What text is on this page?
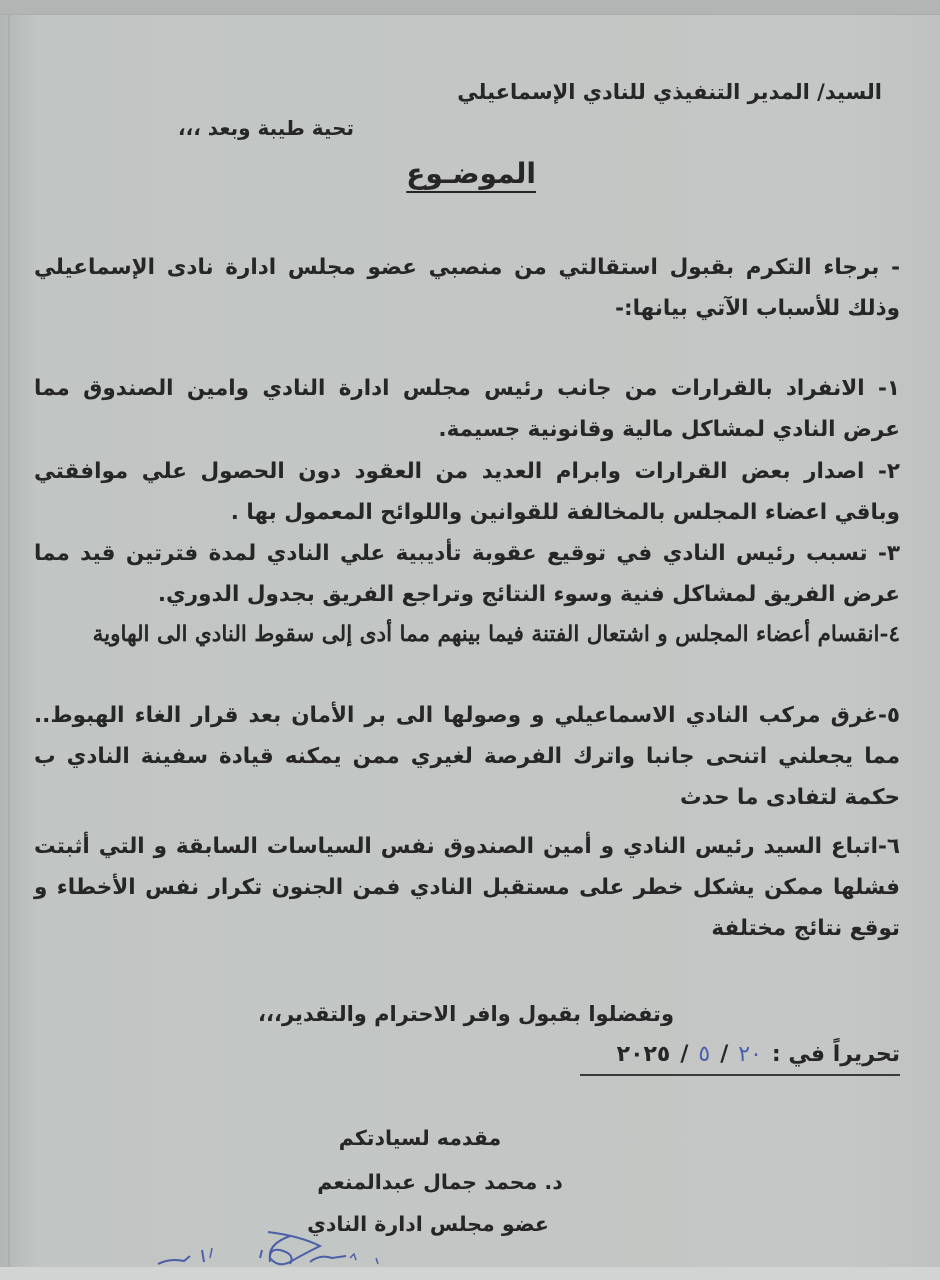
السيد/ المدير التنفيذي للنادي الإسماعيلي
تحية طيبة وبعد ،،،
الموضـوع
- برجاء التكرم بقبول استقالتي من منصبي عضو مجلس ادارة نادى الإسماعيلي وذلك للأسباب الآتي بيانها:-
١- الانفراد بالقرارات من جانب رئيس مجلس ادارة النادي وامين الصندوق مما عرض النادي لمشاكل مالية وقانونية جسيمة.
٢- اصدار بعض القرارات وابرام العديد من العقود دون الحصول علي موافقتي وباقي اعضاء المجلس بالمخالفة للقوانين واللوائح المعمول بها .
٣- تسبب رئيس النادي في توقيع عقوبة تأديبية علي النادي لمدة فترتين قيد مما عرض الفريق لمشاكل فنية وسوء النتائج وتراجع الفريق بجدول الدوري.
٤-انقسام أعضاء المجلس و اشتعال الفتنة فيما بينهم مما أدى إلى سقوط النادي الى الهاوية
٥-غرق مركب النادي الاسماعيلي و وصولها الى بر الأمان بعد قرار الغاء الهبوط.. مما يجعلني اتنحى جانبا واترك الفرصة لغيري ممن يمكنه قيادة سفينة النادي ب حكمة لتفادى ما حدث
٦-اتباع السيد رئيس النادي و أمين الصندوق نفس السياسات السابقة و التي أثبتت فشلها ممكن يشكل خطر على مستقبل النادي فمن الجنون تكرار نفس الأخطاء و توقع نتائج مختلفة
وتفضلوا بقبول وافر الاحترام والتقدير،،،
تحريراً في :
٢٠
/
٥
/
٢٠٢٥
مقدمه لسيادتكم
د. محمد جمال عبدالمنعم
عضو مجلس ادارة النادي
